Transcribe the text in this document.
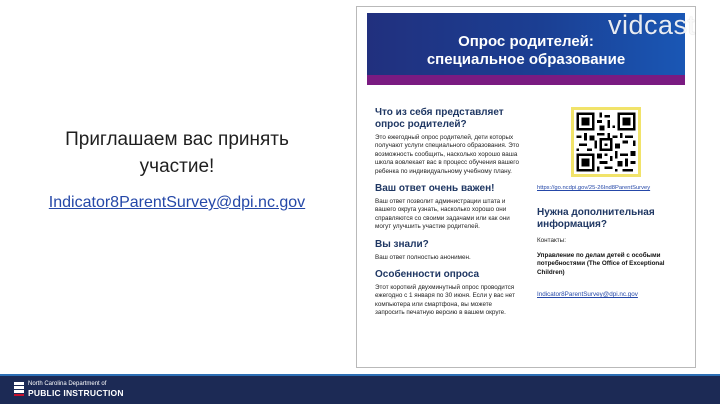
Приглашаем вас принять
участие!
Indicator8ParentSurvey@dpi.nc.gov
Опрос родителей:
специальное образование
Что из себя представляет опрос родителей?
Это ежегодный опрос родителей, дети которых получают услуги специального образования. Это возможность сообщить, насколько хорошо ваша школа вовлекает вас в процесс обучения вашего ребенка по индивидуальному учебному плану.
Ваш ответ очень важен!
Ваш ответ позволит администрации штата и вашего округа узнать, насколько хорошо они справляются со своими задачами или как они могут улучшить участие родителей.
Вы знали?
Ваш ответ полностью анонимен.
Особенности опроса
Этот короткий двухминутный опрос проводится ежегодно с 1 января по 30 июня. Если у вас нет компьютера или смартфона, вы можете запросить печатную версию в вашем округе.
https://go.ncdpi.gov/25-26Ind8ParentSurvey
Нужна дополнительная информация?
Контакты:
Управление по делам детей с особыми потребностями (The Office of Exceptional Children)
Indicator8ParentSurvey@dpi.nc.gov
vidcast
North Carolina Department of
PUBLIC INSTRUCTION
